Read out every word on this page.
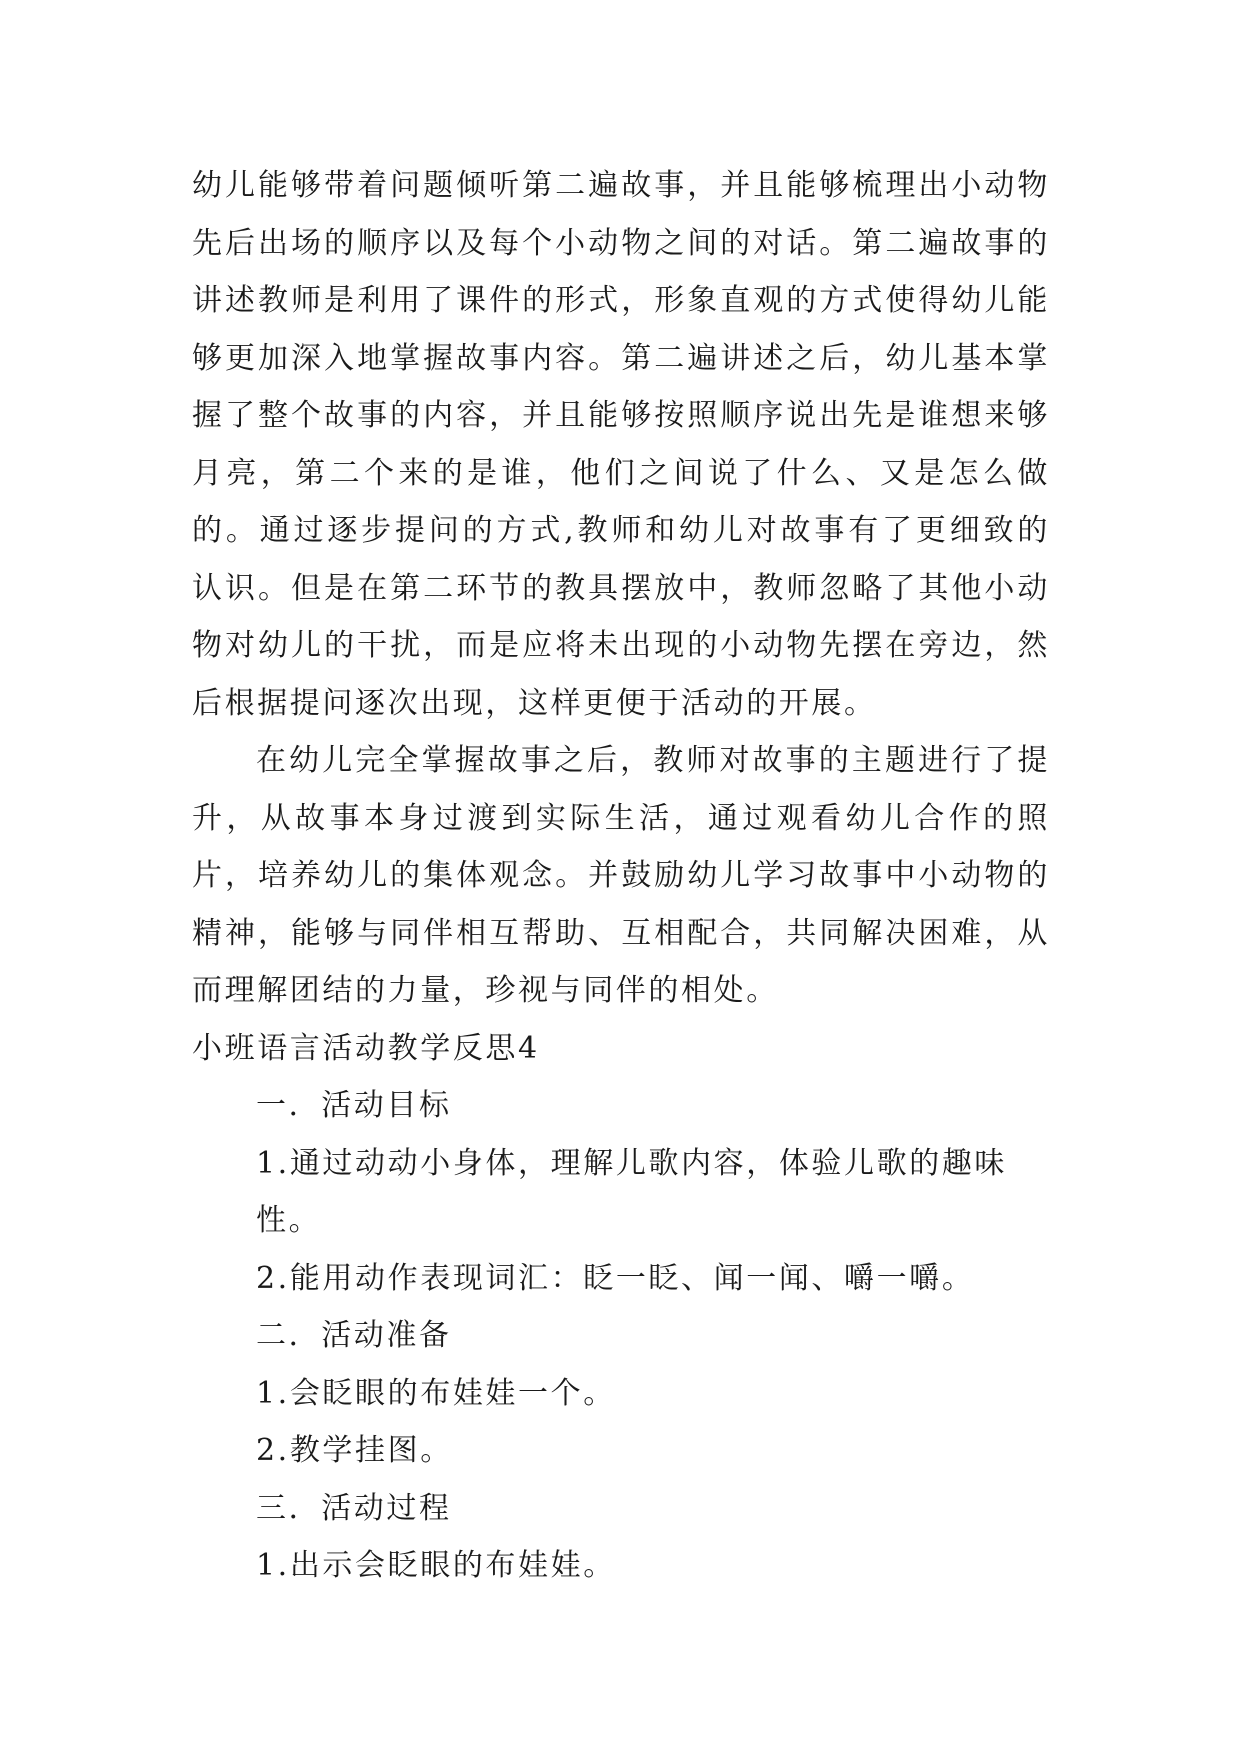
幼儿能够带着问题倾听第二遍故事，并且能够梳理出小动物先后出场的顺序以及每个小动物之间的对话。第二遍故事的讲述教师是利用了课件的形式，形象直观的方式使得幼儿能够更加深入地掌握故事内容。第二遍讲述之后，幼儿基本掌握了整个故事的内容，并且能够按照顺序说出先是谁想来够月亮，第二个来的是谁，他们之间说了什么、又是怎么做的。通过逐步提问的方式,教师和幼儿对故事有了更细致的认识。但是在第二环节的教具摆放中，教师忽略了其他小动物对幼儿的干扰，而是应将未出现的小动物先摆在旁边，然后根据提问逐次出现，这样更便于活动的开展。

在幼儿完全掌握故事之后，教师对故事的主题进行了提升，从故事本身过渡到实际生活，通过观看幼儿合作的照片，培养幼儿的集体观念。并鼓励幼儿学习故事中小动物的精神，能够与同伴相互帮助、互相配合，共同解决困难，从而理解团结的力量，珍视与同伴的相处。

小班语言活动教学反思4

一．活动目标

1.通过动动小身体，理解儿歌内容，体验儿歌的趣味性。

2.能用动作表现词汇：眨一眨、闻一闻、嚼一嚼。

二．活动准备

1.会眨眼的布娃娃一个。

2.教学挂图。

三．活动过程

1.出示会眨眼的布娃娃。
